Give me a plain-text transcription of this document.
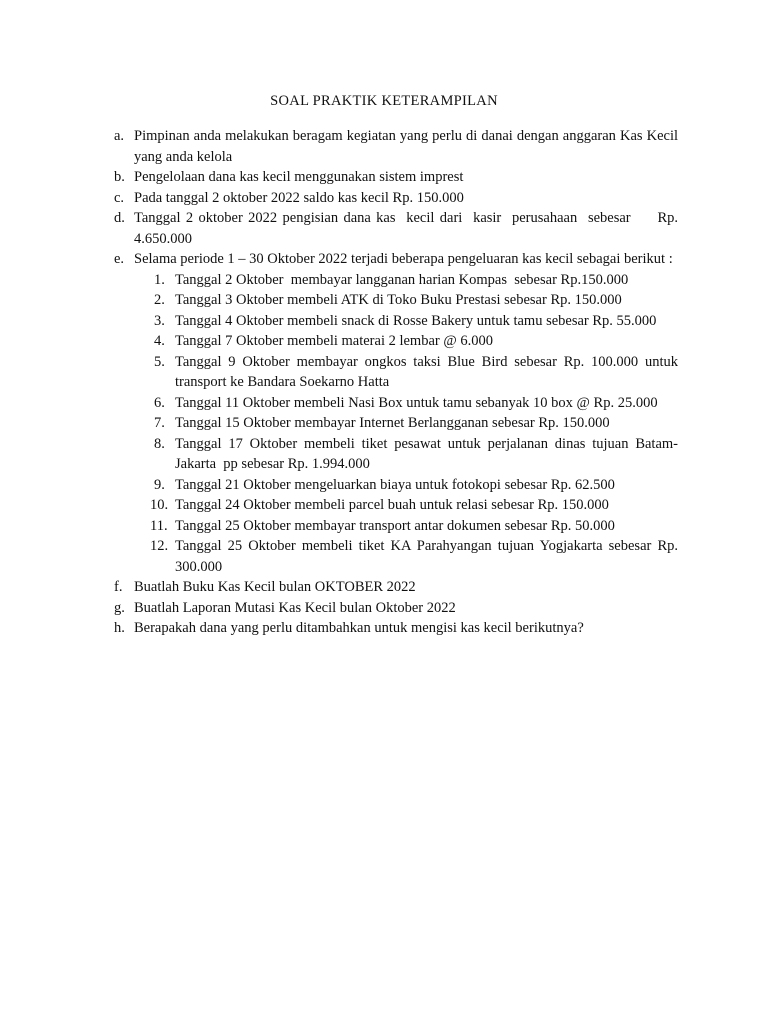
SOAL PRAKTIK KETERAMPILAN
a. Pimpinan anda melakukan beragam kegiatan yang perlu di danai dengan anggaran Kas Kecil yang anda kelola
b. Pengelolaan dana kas kecil menggunakan sistem imprest
c. Pada tanggal 2 oktober 2022 saldo kas kecil Rp. 150.000
d. Tanggal 2 oktober 2022 pengisian dana kas  kecil dari  kasir  perusahaan  sebesar     Rp. 4.650.000
e. Selama periode 1 – 30 Oktober 2022 terjadi beberapa pengeluaran kas kecil sebagai berikut :
1. Tanggal 2 Oktober  membayar langganan harian Kompas  sebesar Rp.150.000
2. Tanggal 3 Oktober membeli ATK di Toko Buku Prestasi sebesar Rp. 150.000
3. Tanggal 4 Oktober membeli snack di Rosse Bakery untuk tamu sebesar Rp. 55.000
4. Tanggal 7 Oktober membeli materai 2 lembar @ 6.000
5. Tanggal 9 Oktober membayar ongkos taksi Blue Bird sebesar Rp. 100.000 untuk transport ke Bandara Soekarno Hatta
6. Tanggal 11 Oktober membeli Nasi Box untuk tamu sebanyak 10 box @ Rp. 25.000
7. Tanggal 15 Oktober membayar Internet Berlangganan sebesar Rp. 150.000
8. Tanggal 17 Oktober membeli tiket pesawat untuk perjalanan dinas tujuan Batam-Jakarta  pp sebesar Rp. 1.994.000
9. Tanggal 21 Oktober mengeluarkan biaya untuk fotokopi sebesar Rp. 62.500
10. Tanggal 24 Oktober membeli parcel buah untuk relasi sebesar Rp. 150.000
11. Tanggal 25 Oktober membayar transport antar dokumen sebesar Rp. 50.000
12. Tanggal 25 Oktober membeli tiket KA Parahyangan tujuan Yogjakarta sebesar Rp. 300.000
f. Buatlah Buku Kas Kecil bulan OKTOBER 2022
g. Buatlah Laporan Mutasi Kas Kecil bulan Oktober 2022
h. Berapakah dana yang perlu ditambahkan untuk mengisi kas kecil berikutnya?
